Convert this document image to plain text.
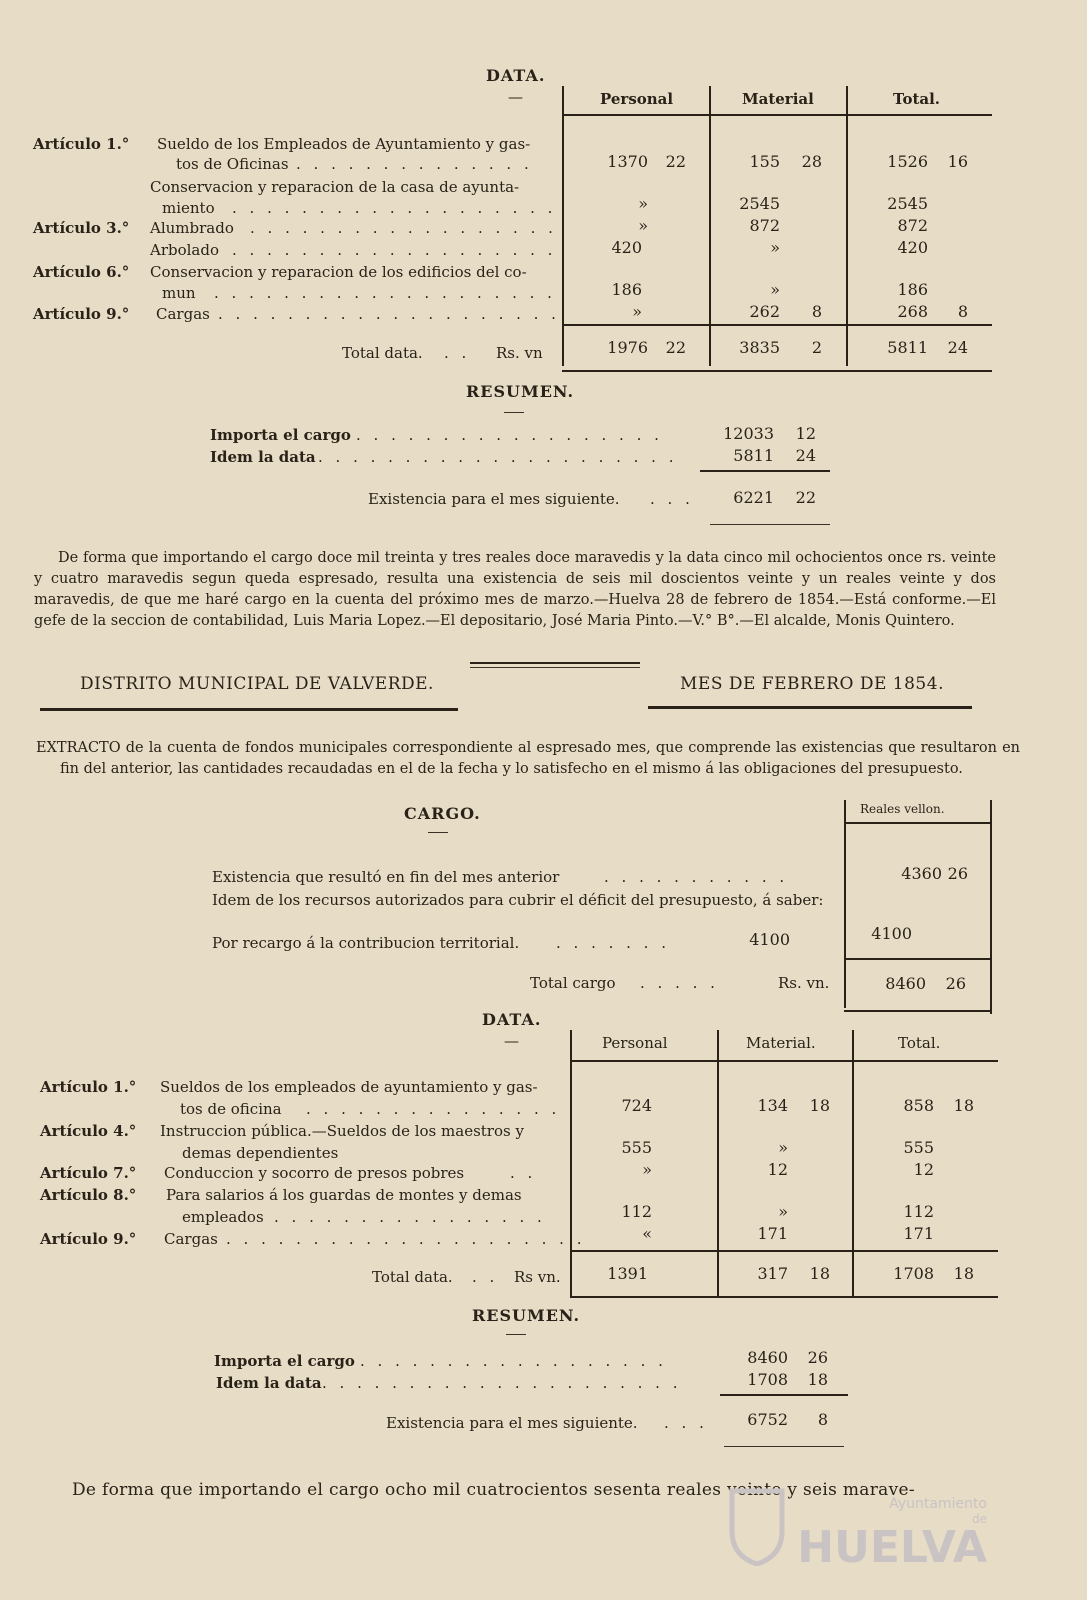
DATA.
—	Personal	Material	Total.
Artículo 1.° Sueldo de los Empleados de Ayuntamiento y gas-
tos de Oficinas . . . . . . . . . . . . . .	1370	22	155	28	1526	16
Conservacion y reparacion de la casa de ayunta-
miento . . . . . . . . . . . . . . . . . . .	»	2545	2545
Artículo 3.° Alumbrado . . . . . . . . . . . . . . . . . .	»	872	872
Arbolado . . . . . . . . . . . . . . . . . . .	420	»	420
Artículo 6.° Conservacion y reparacion de los edificios del co-
mun . . . . . . . . . . . . . . . . . . . .	186	»	186
Artículo 9.° Cargas . . . . . . . . . . . . . . . . . . . .	»	262	8	268	8
Total data. . . Rs. vn	1976	22	3835	2	5811	24
RESUMEN.
Importa el cargo . . . . . . . . . . . . . . . . . .	12033	12
Idem la data . . . . . . . . . . . . . . . . . . . . .	5811	24
Existencia para el mes siguiente. . . .	6221	22
De forma que importando el cargo doce mil treinta y tres reales doce maravedis y la data cinco mil ochocientos once rs. veinte y cuatro maravedis segun queda espresado, resulta una existencia de seis mil doscientos veinte y un reales veinte y dos maravedis, de que me haré cargo en la cuenta del próximo mes de marzo.—Huelva 28 de febrero de 1854.—Está conforme.—El gefe de la seccion de contabilidad, Luis Maria Lopez.—El depositario, José Maria Pinto.—V.° B°.—El alcalde, Monis Quintero.
DISTRITO MUNICIPAL DE VALVERDE.	MES DE FEBRERO DE 1854.
EXTRACTO de la cuenta de fondos municipales correspondiente al espresado mes, que comprende las existencias que resultaron en fin del anterior, las cantidades recaudadas en el de la fecha y lo satisfecho en el mismo á las obligaciones del presupuesto.
CARGO.	Reales vellon.
Existencia que resultó en fin del mes anterior	. . . . . . . . . . .	4360 26
Idem de los recursos autorizados para cubrir el déficit del presupuesto, á saber:
Por recargo á la contribucion territorial. . . . . . . .	4100	4100
Total cargo . . . . .	Rs. vn.	8460	26
DATA.
—	Personal	Material.	Total.
Artículo 1.° Sueldos de los empleados de ayuntamiento y gas-
tos de oficina . . . . . . . . . . . . . . .	724	134	18	858	18
Artículo 4.° Instruccion pública.—Sueldos de los maestros y
demas dependientes	555	»	555
Artículo 7.° Conduccion y socorro de presos pobres	. .	»	12	12
Artículo 8.° Para salarios á los guardas de montes y demas
empleados . . . . . . . . . . . . . . . .	112	»	112
Artículo 9.° Cargas . . . . . . . . . . . . . . . . . . . . .	«	171	171
Total data. . . Rs vn.	1391	317	18	1708	18
RESUMEN.
Importa el cargo . . . . . . . . . . . . . . . . . .	8460	26
Idem la data . . . . . . . . . . . . . . . . . . . . .	1708	18
Existencia para el mes siguiente. . . .	6752	8
De forma que importando el cargo ocho mil cuatrocientos sesenta reales veinte y seis marave-
Ayuntamiento
de
HUELVA
